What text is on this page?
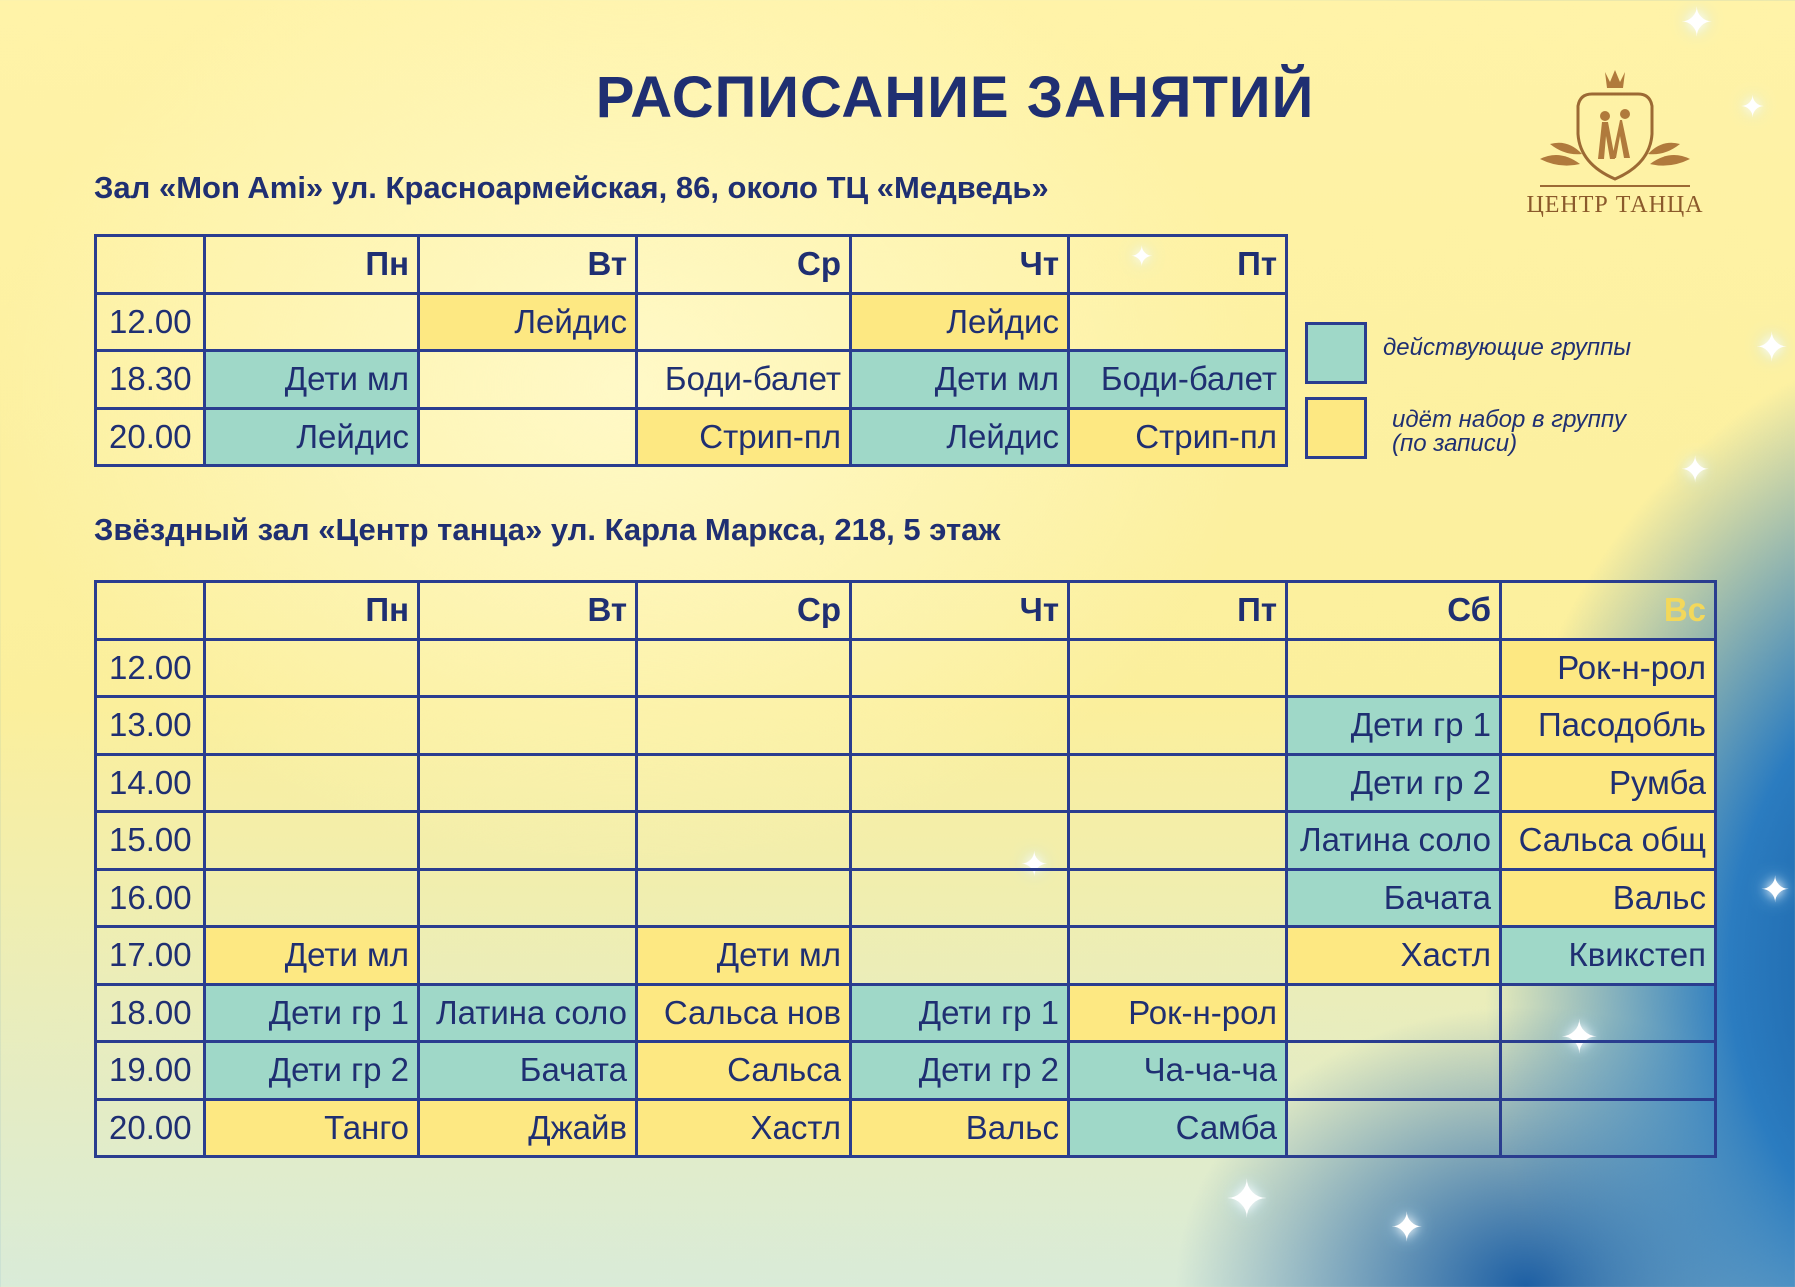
✦
✦
✦
✦
✦
✦	✦
✦
✦
✦
РАСПИСАНИЕ ЗАНЯТИЙ
ЦЕНТР ТАНЦА
Зал «Mon Ami» ул. Красноармейская, 86, около ТЦ «Медведь»
	Пн	Вт	Ср	Чт	Пт
12.00		Лейдис		Лейдис	
18.30	Дети мл		Боди-балет	Дети мл	Боди-балет
20.00	Лейдис		Стрип-пл	Лейдис	Стрип-пл
действующие группы
идёт набор в группу
(по записи)
Звёздный зал «Центр танца» ул. Карла Маркса, 218, 5 этаж
	Пн	Вт	Ср	Чт	Пт	Сб	Вс
12.00							Рок-н-рол
13.00						Дети гр 1	Пасодобль
14.00						Дети гр 2	Румба
15.00						Латина соло	Сальса общ
16.00						Бачата	Вальс
17.00	Дети мл		Дети мл			Хастл	Квикстеп
18.00	Дети гр 1	Латина соло	Сальса нов	Дети гр 1	Рок-н-рол		
19.00	Дети гр 2	Бачата	Сальса	Дети гр 2	Ча-ча-ча		
20.00	Танго	Джайв	Хастл	Вальс	Самба		
